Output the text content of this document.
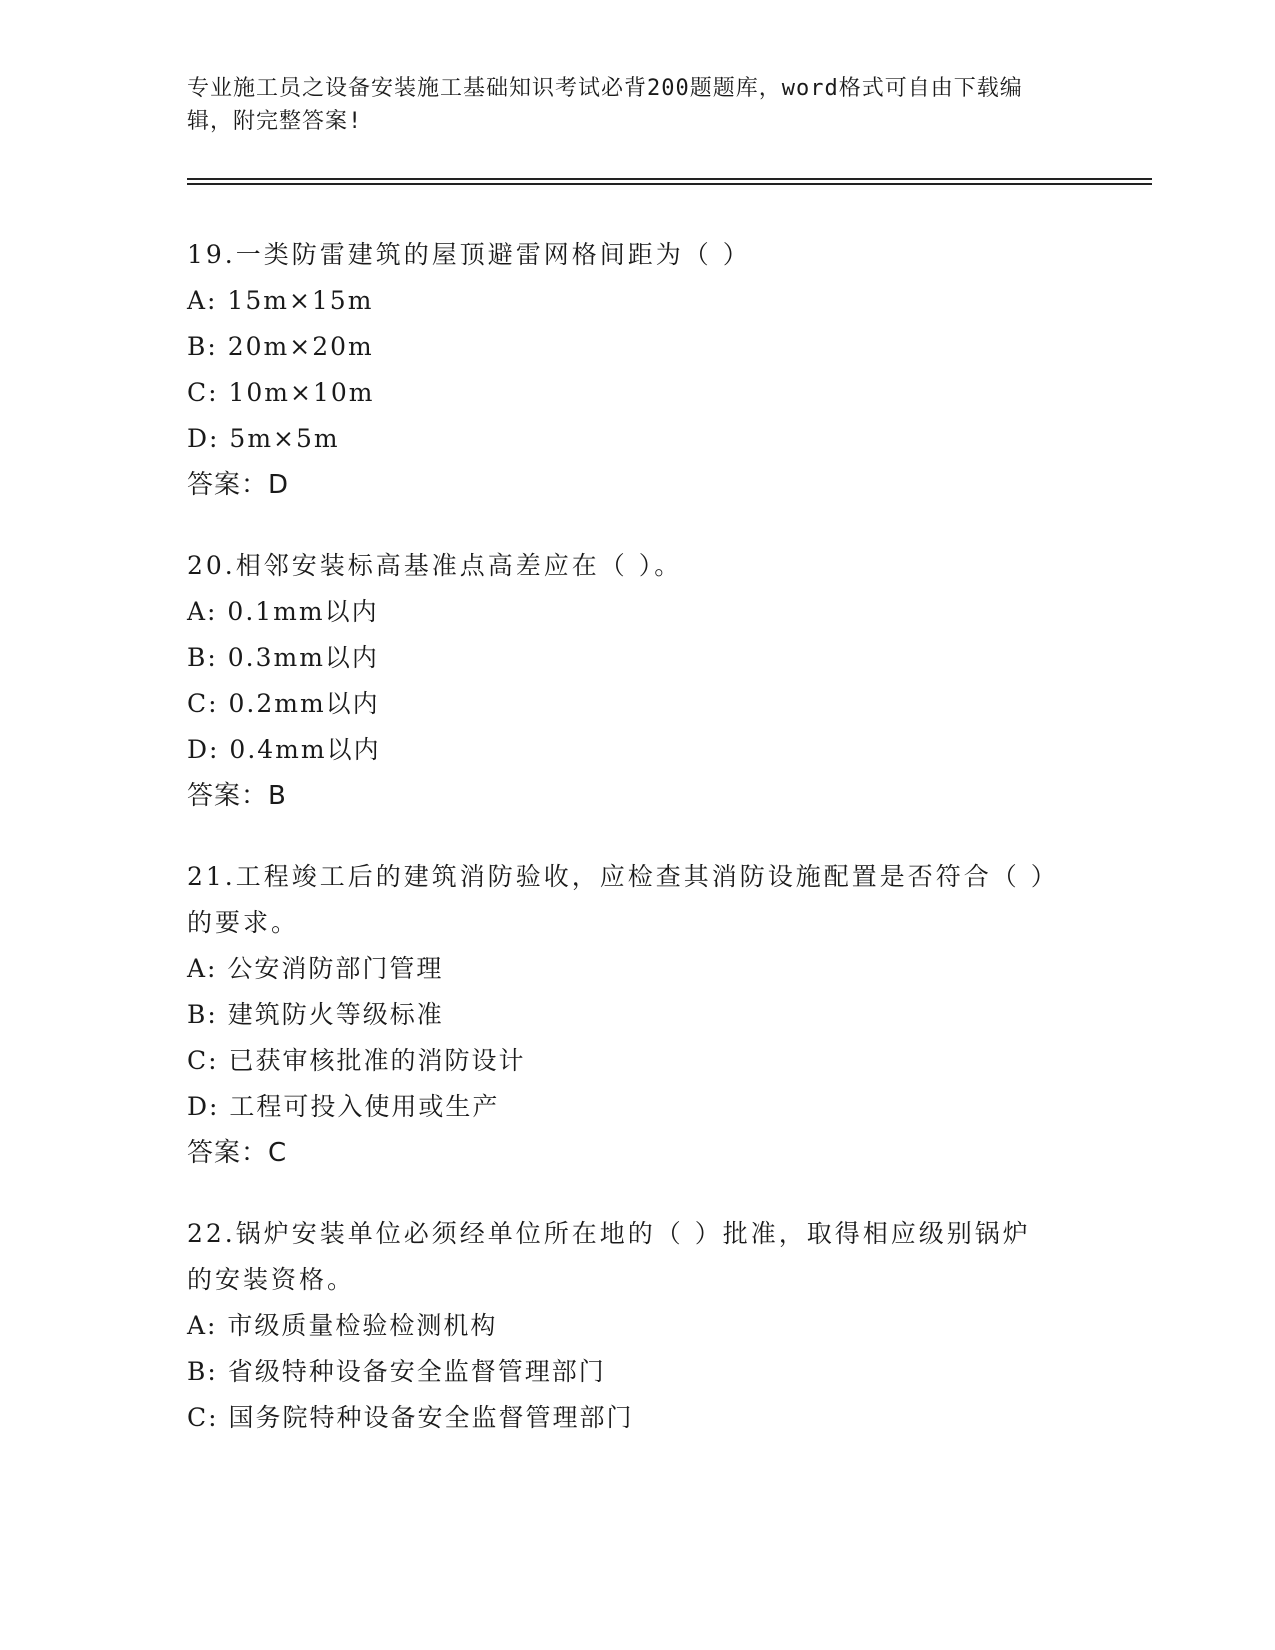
专业施工员之设备安装施工基础知识考试必背200题题库，word格式可自由下载编辑，附完整答案!
19.一类防雷建筑的屋顶避雷网格间距为（ ）
A: 15m×15m
B: 20m×20m
C: 10m×10m
D: 5m×5m
答案：D
20.相邻安装标高基准点高差应在（ ）。
A: 0.1mm以内
B: 0.3mm以内
C: 0.2mm以内
D: 0.4mm以内
答案：B
21.工程竣工后的建筑消防验收，应检查其消防设施配置是否符合（ ）的要求。
A: 公安消防部门管理
B: 建筑防火等级标准
C: 已获审核批准的消防设计
D: 工程可投入使用或生产
答案：C
22.锅炉安装单位必须经单位所在地的（ ）批准，取得相应级别锅炉的安装资格。
A: 市级质量检验检测机构
B: 省级特种设备安全监督管理部门
C: 国务院特种设备安全监督管理部门
